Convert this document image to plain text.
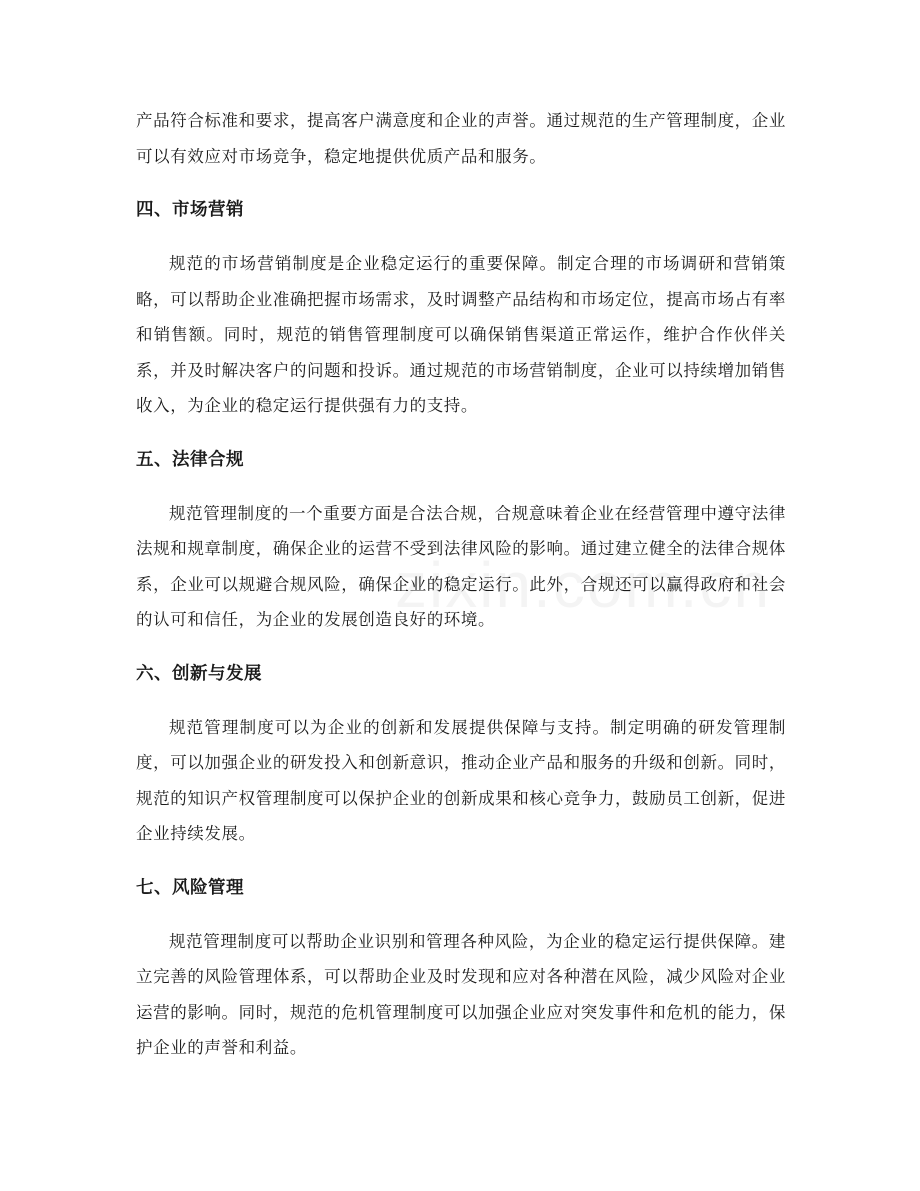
产品符合标准和要求，提高客户满意度和企业的声誉。通过规范的生产管理制度，企业可以有效应对市场竞争，稳定地提供优质产品和服务。

四、市场营销

规范的市场营销制度是企业稳定运行的重要保障。制定合理的市场调研和营销策略，可以帮助企业准确把握市场需求，及时调整产品结构和市场定位，提高市场占有率和销售额。同时，规范的销售管理制度可以确保销售渠道正常运作，维护合作伙伴关系，并及时解决客户的问题和投诉。通过规范的市场营销制度，企业可以持续增加销售收入，为企业的稳定运行提供强有力的支持。

五、法律合规

规范管理制度的一个重要方面是合法合规，合规意味着企业在经营管理中遵守法律法规和规章制度，确保企业的运营不受到法律风险的影响。通过建立健全的法律合规体系，企业可以规避合规风险，确保企业的稳定运行。此外，合规还可以赢得政府和社会的认可和信任，为企业的发展创造良好的环境。

六、创新与发展

规范管理制度可以为企业的创新和发展提供保障与支持。制定明确的研发管理制度，可以加强企业的研发投入和创新意识，推动企业产品和服务的升级和创新。同时，规范的知识产权管理制度可以保护企业的创新成果和核心竞争力，鼓励员工创新，促进企业持续发展。

七、风险管理

规范管理制度可以帮助企业识别和管理各种风险，为企业的稳定运行提供保障。建立完善的风险管理体系，可以帮助企业及时发现和应对各种潜在风险，减少风险对企业运营的影响。同时，规范的危机管理制度可以加强企业应对突发事件和危机的能力，保护企业的声誉和利益。
